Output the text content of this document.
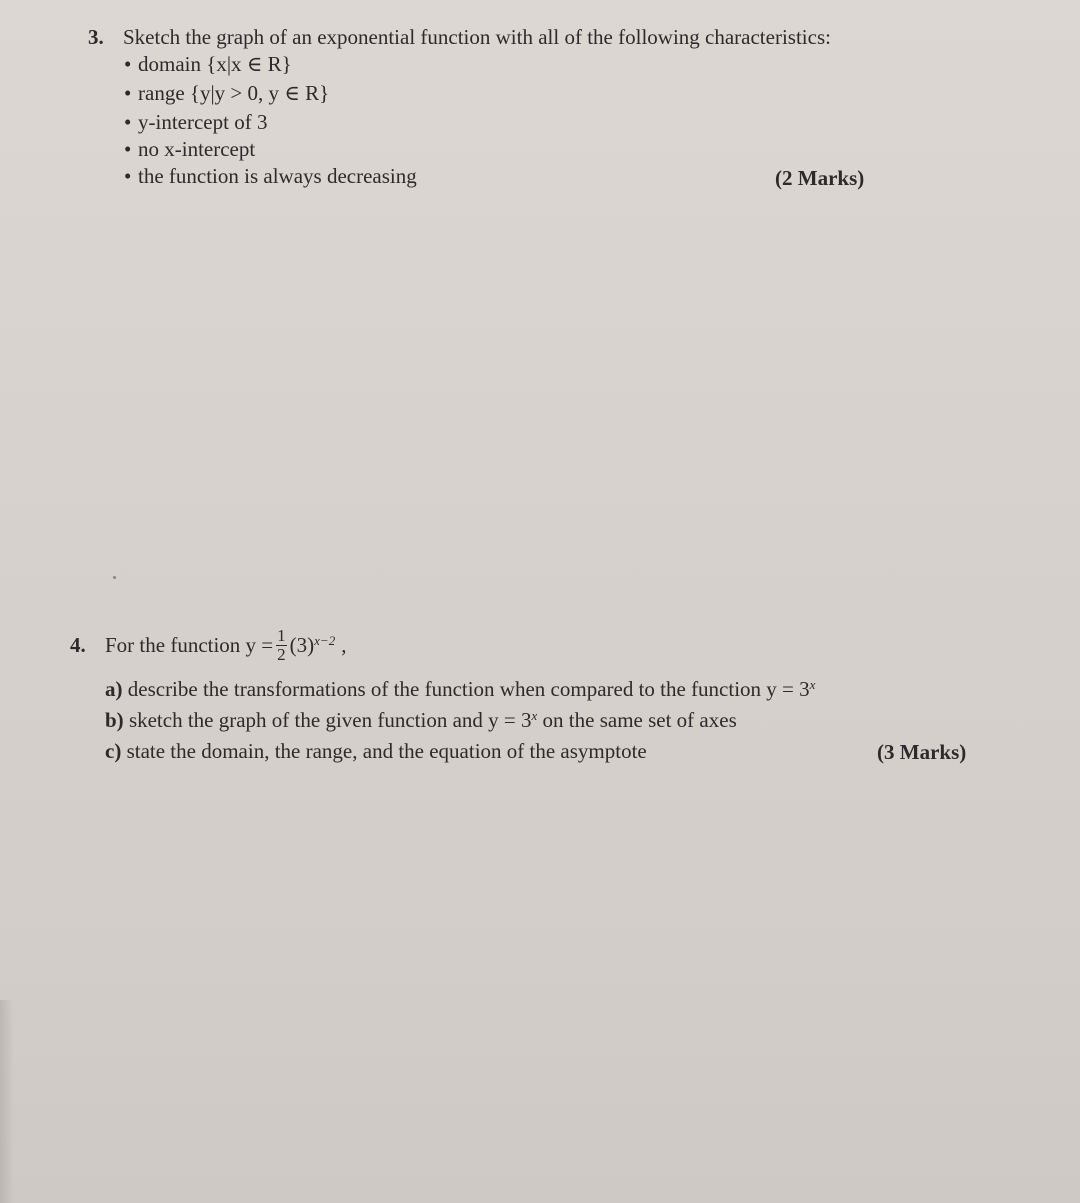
3. Sketch the graph of an exponential function with all of the following characteristics:
• domain {x|x ∈ R}
• range {y|y > 0, y ∈ R}
• y-intercept of 3
• no x-intercept
• the function is always decreasing	(2 Marks)
4. For the function $y = \frac{1}{2} (3)^{x-2}$ ,
a) describe the transformations of the function when compared to the function $y = 3^x$
b) sketch the graph of the given function and $y = 3^x$ on the same set of axes
c) state the domain, the range, and the equation of the asymptote	(3 Marks)
